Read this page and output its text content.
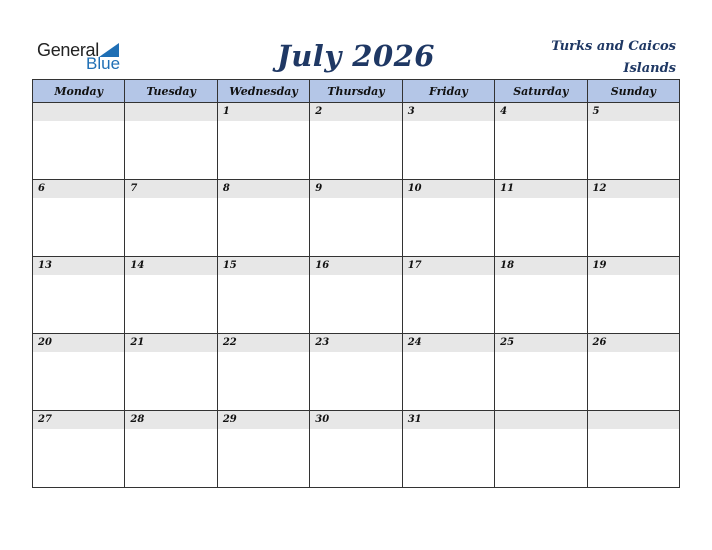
General
Blue	July 2026	Turks and Caicos Islands
Monday	Tuesday	Wednesday	Thursday	Friday	Saturday	Sunday

		1	2	3	4	5

6	7	8	9	10	11	12

13	14	15	16	17	18	19

20	21	22	23	24	25	26

27	28	29	30	31		
